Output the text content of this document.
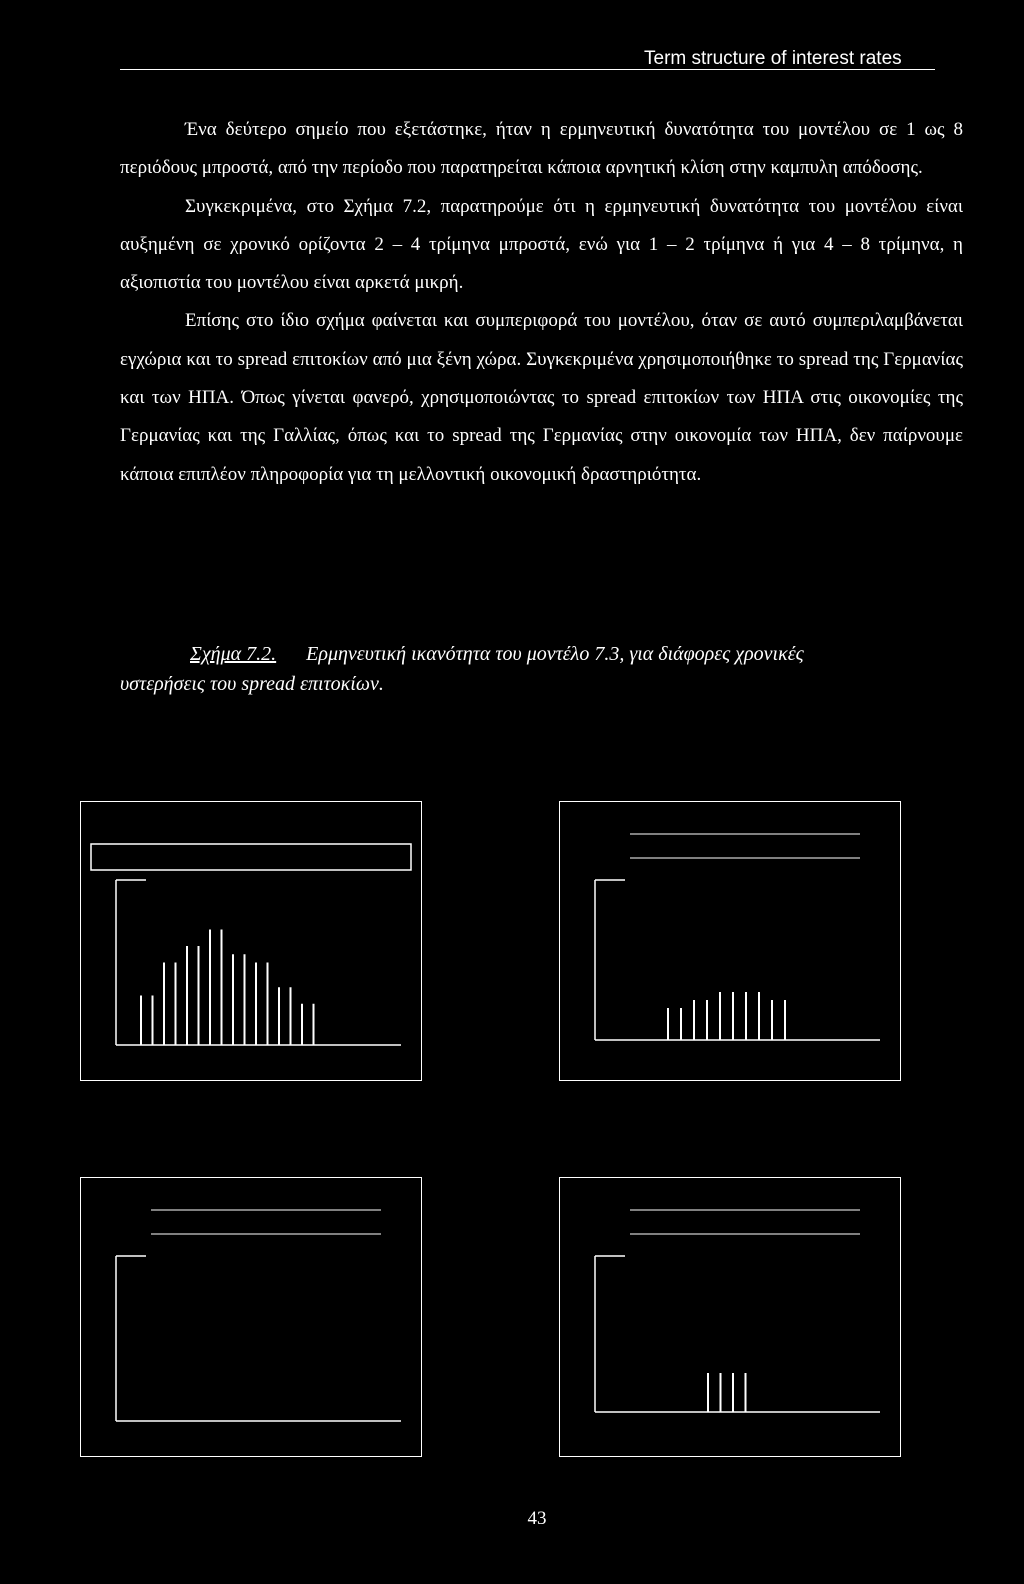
Term structure of interest rates

Ένα δεύτερο σημείο που εξετάστηκε, ήταν η ερμηνευτική δυνατότητα του μοντέλου σε 1 ως 8 περιόδους μπροστά, από την περίοδο που παρατηρείται κάποια αρνητική κλίση στην καμπυλη απόδοσης.

Συγκεκριμένα, στο Σχήμα 7.2, παρατηρούμε ότι η ερμηνευτική δυνατότητα του μοντέλου είναι αυξημένη σε χρονικό ορίζοντα 2 – 4 τρίμηνα μπροστά, ενώ για 1 – 2 τρίμηνα ή για 4 – 8 τρίμηνα, η αξιοπιστία του μοντέλου είναι αρκετά μικρή.

Επίσης στο ίδιο σχήμα φαίνεται και συμπεριφορά του μοντέλου, όταν σε αυτό συμπεριλαμβάνεται εγχώρια και το spread επιτοκίων από μια ξένη χώρα. Συγκεκριμένα χρησιμοποιήθηκε το spread της Γερμανίας και των ΗΠΑ. Όπως γίνεται φανερό, χρησιμοποιώντας το spread επιτοκίων των ΗΠΑ στις οικονομίες της Γερμανίας και της Γαλλίας, όπως και το spread της Γερμανίας στην οικονομία των ΗΠΑ, δεν παίρνουμε κάποια επιπλέον πληροφορία για τη μελλοντική οικονομική δραστηριότητα.

Σχήμα 7.2. Ερμηνευτική ικανότητα του μοντέλο 7.3, για διάφορες χρονικές
υστερήσεις του spread επιτοκίων.
43
